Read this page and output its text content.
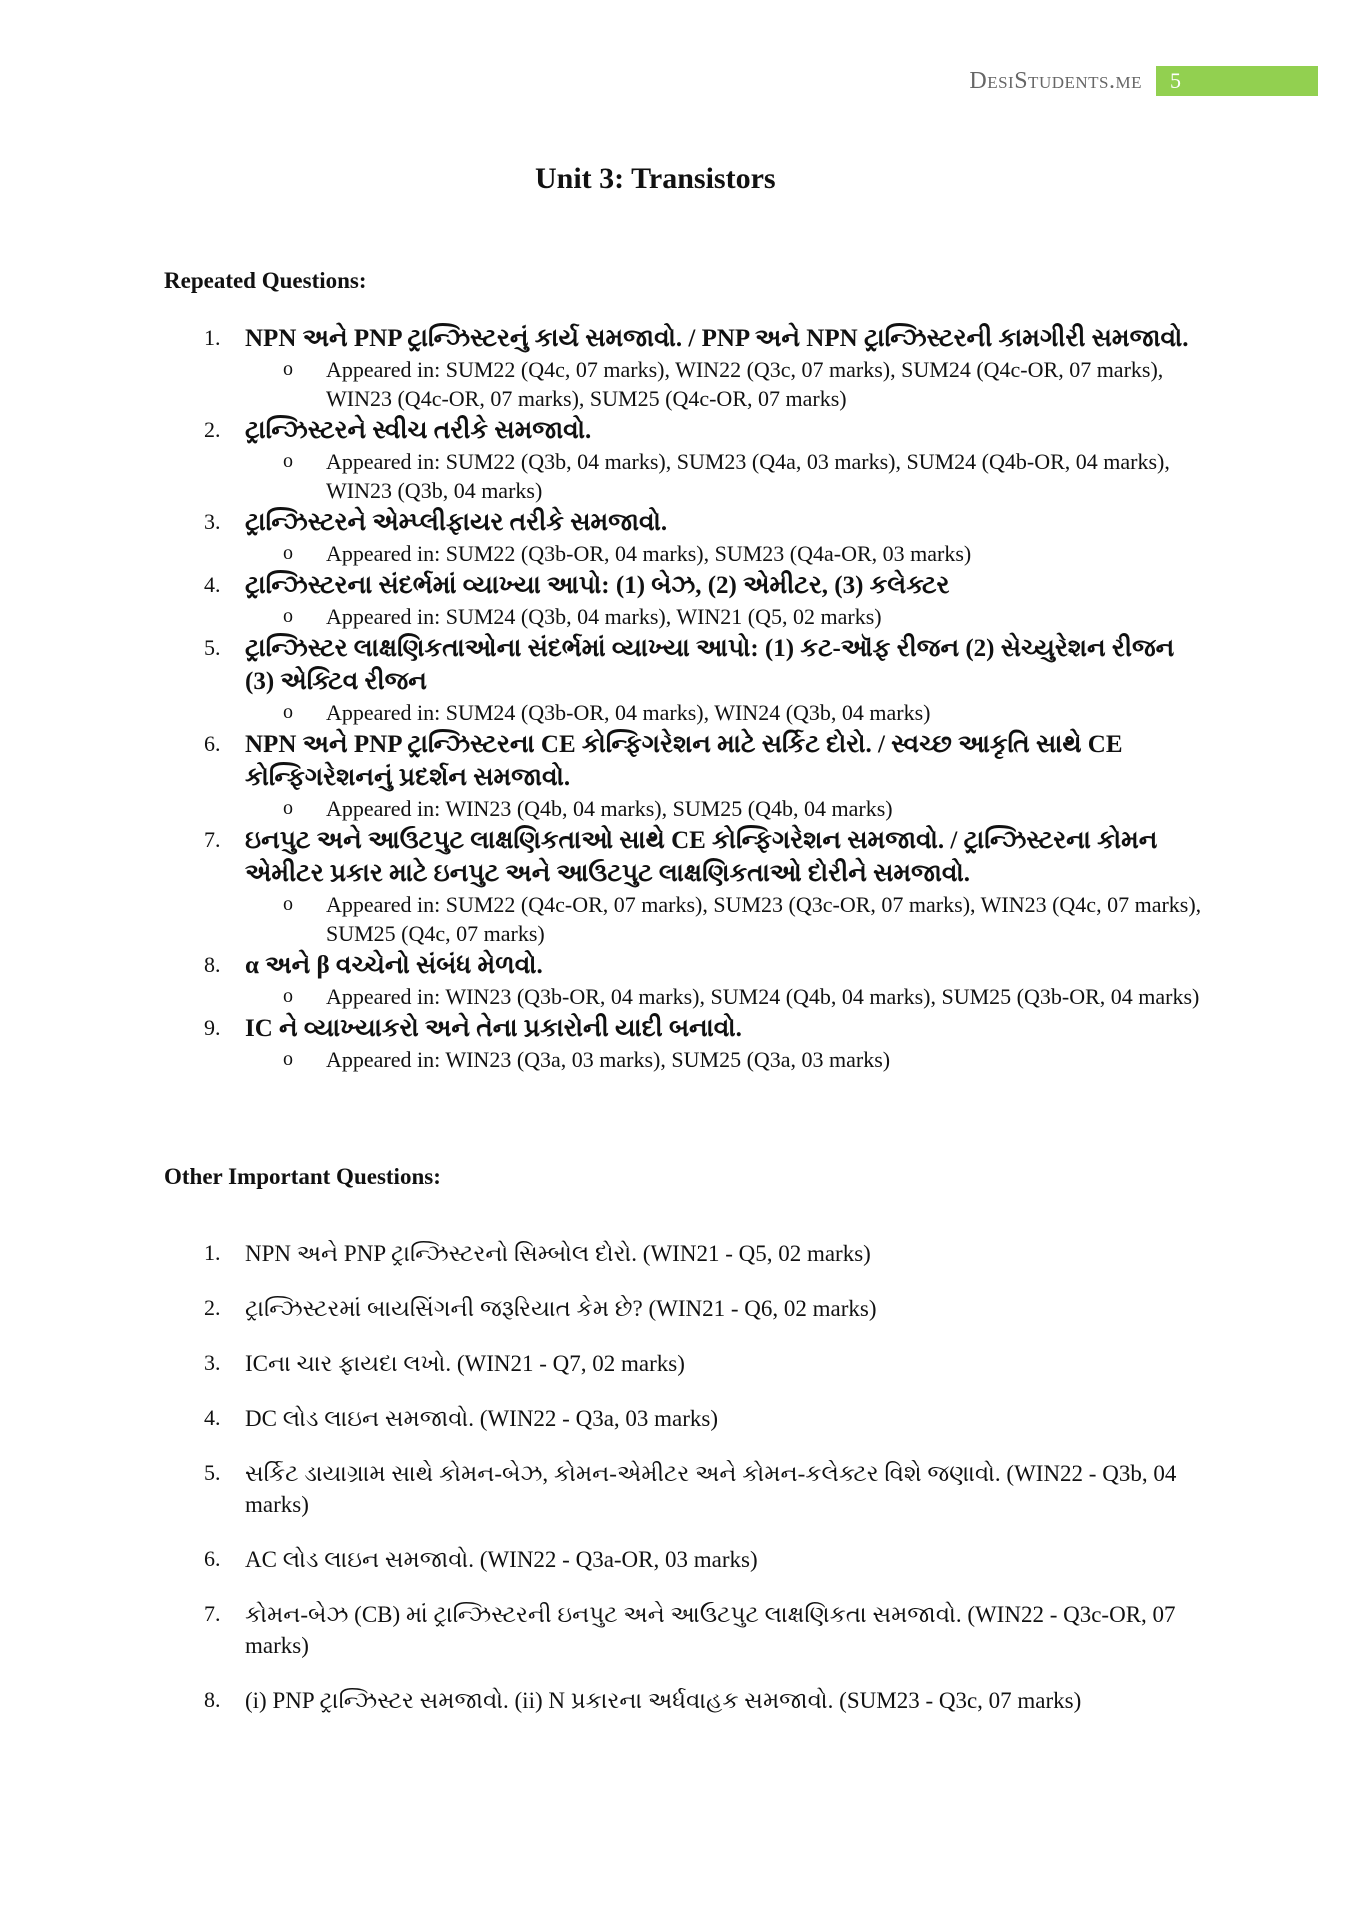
DesiStudents.me	5
Unit 3: Transistors
Repeated Questions:
1. NPN અને PNP ટ્રાન્ઝિસ્ટરનું કાર્ય સમજાવો. / PNP અને NPN ટ્રાન્ઝિસ્ટરની કામગીરી સમજાવો.
o Appeared in: SUM22 (Q4c, 07 marks), WIN22 (Q3c, 07 marks), SUM24 (Q4c-OR, 07 marks), WIN23 (Q4c-OR, 07 marks), SUM25 (Q4c-OR, 07 marks)
2. ટ્રાન્ઝિસ્ટરને સ્વીચ તરીકે સમજાવો.
o Appeared in: SUM22 (Q3b, 04 marks), SUM23 (Q4a, 03 marks), SUM24 (Q4b-OR, 04 marks), WIN23 (Q3b, 04 marks)
3. ટ્રાન્ઝિસ્ટરને એમ્પ્લીફાયર તરીકે સમજાવો.
o Appeared in: SUM22 (Q3b-OR, 04 marks), SUM23 (Q4a-OR, 03 marks)
4. ટ્રાન્ઝિસ્ટરના સંદર્ભમાં વ્યાખ્યા આપો: (1) બેઝ, (2) એમીટર, (3) કલેક્ટર
o Appeared in: SUM24 (Q3b, 04 marks), WIN21 (Q5, 02 marks)
5. ટ્રાન્ઝિસ્ટર લાક્ષણિકતાઓના સંદર્ભમાં વ્યાખ્યા આપો: (1) કટ-ઑફ રીજન (2) સેચ્યુરેશન રીજન (3) એક્ટિવ રીજન
o Appeared in: SUM24 (Q3b-OR, 04 marks), WIN24 (Q3b, 04 marks)
6. NPN અને PNP ટ્રાન્ઝિસ્ટરના CE કોન્ફિગરેશન માટે સર્કિટ દોરો. / સ્વચ્છ આકૃતિ સાથે CE કોન્ફિગરેશનનું પ્રદર્શન સમજાવો.
o Appeared in: WIN23 (Q4b, 04 marks), SUM25 (Q4b, 04 marks)
7. ઇનપુટ અને આઉટપુટ લાક્ષણિકતાઓ સાથે CE કોન્ફિગરેશન સમજાવો. / ટ્રાન્ઝિસ્ટરના કોમન એમીટર પ્રકાર માટે ઇનપુટ અને આઉટપુટ લાક્ષણિકતાઓ દોરીને સમજાવો.
o Appeared in: SUM22 (Q4c-OR, 07 marks), SUM23 (Q3c-OR, 07 marks), WIN23 (Q4c, 07 marks), SUM25 (Q4c, 07 marks)
8. α અને β વચ્ચેનો સંબંધ મેળવો.
o Appeared in: WIN23 (Q3b-OR, 04 marks), SUM24 (Q4b, 04 marks), SUM25 (Q3b-OR, 04 marks)
9. IC ને વ્યાખ્યાકરો અને તેના પ્રકારોની યાદી બનાવો.
o Appeared in: WIN23 (Q3a, 03 marks), SUM25 (Q3a, 03 marks)
Other Important Questions:
1. NPN અને PNP ટ્રાન્ઝિસ્ટરનો સિમ્બોલ દોરો. (WIN21 - Q5, 02 marks)
2. ટ્રાન્ઝિસ્ટરમાં બાયસિંગની જરૂરિયાત કેમ છે? (WIN21 - Q6, 02 marks)
3. ICના ચાર ફાયદા લખો. (WIN21 - Q7, 02 marks)
4. DC લોડ લાઇન સમજાવો. (WIN22 - Q3a, 03 marks)
5. સર્કિટ ડાયાગ્રામ સાથે કોમન-બેઝ, કોમન-એમીટર અને કોમન-કલેક્ટર વિશે જણાવો. (WIN22 - Q3b, 04 marks)
6. AC લોડ લાઇન સમજાવો. (WIN22 - Q3a-OR, 03 marks)
7. કોમન-બેઝ (CB) માં ટ્રાન્ઝિસ્ટરની ઇનપુટ અને આઉટપુટ લાક્ષણિકતા સમજાવો. (WIN22 - Q3c-OR, 07 marks)
8. (i) PNP ટ્રાન્ઝિસ્ટર સમજાવો. (ii) N પ્રકારના અર્ધવાહક સમજાવો. (SUM23 - Q3c, 07 marks)
